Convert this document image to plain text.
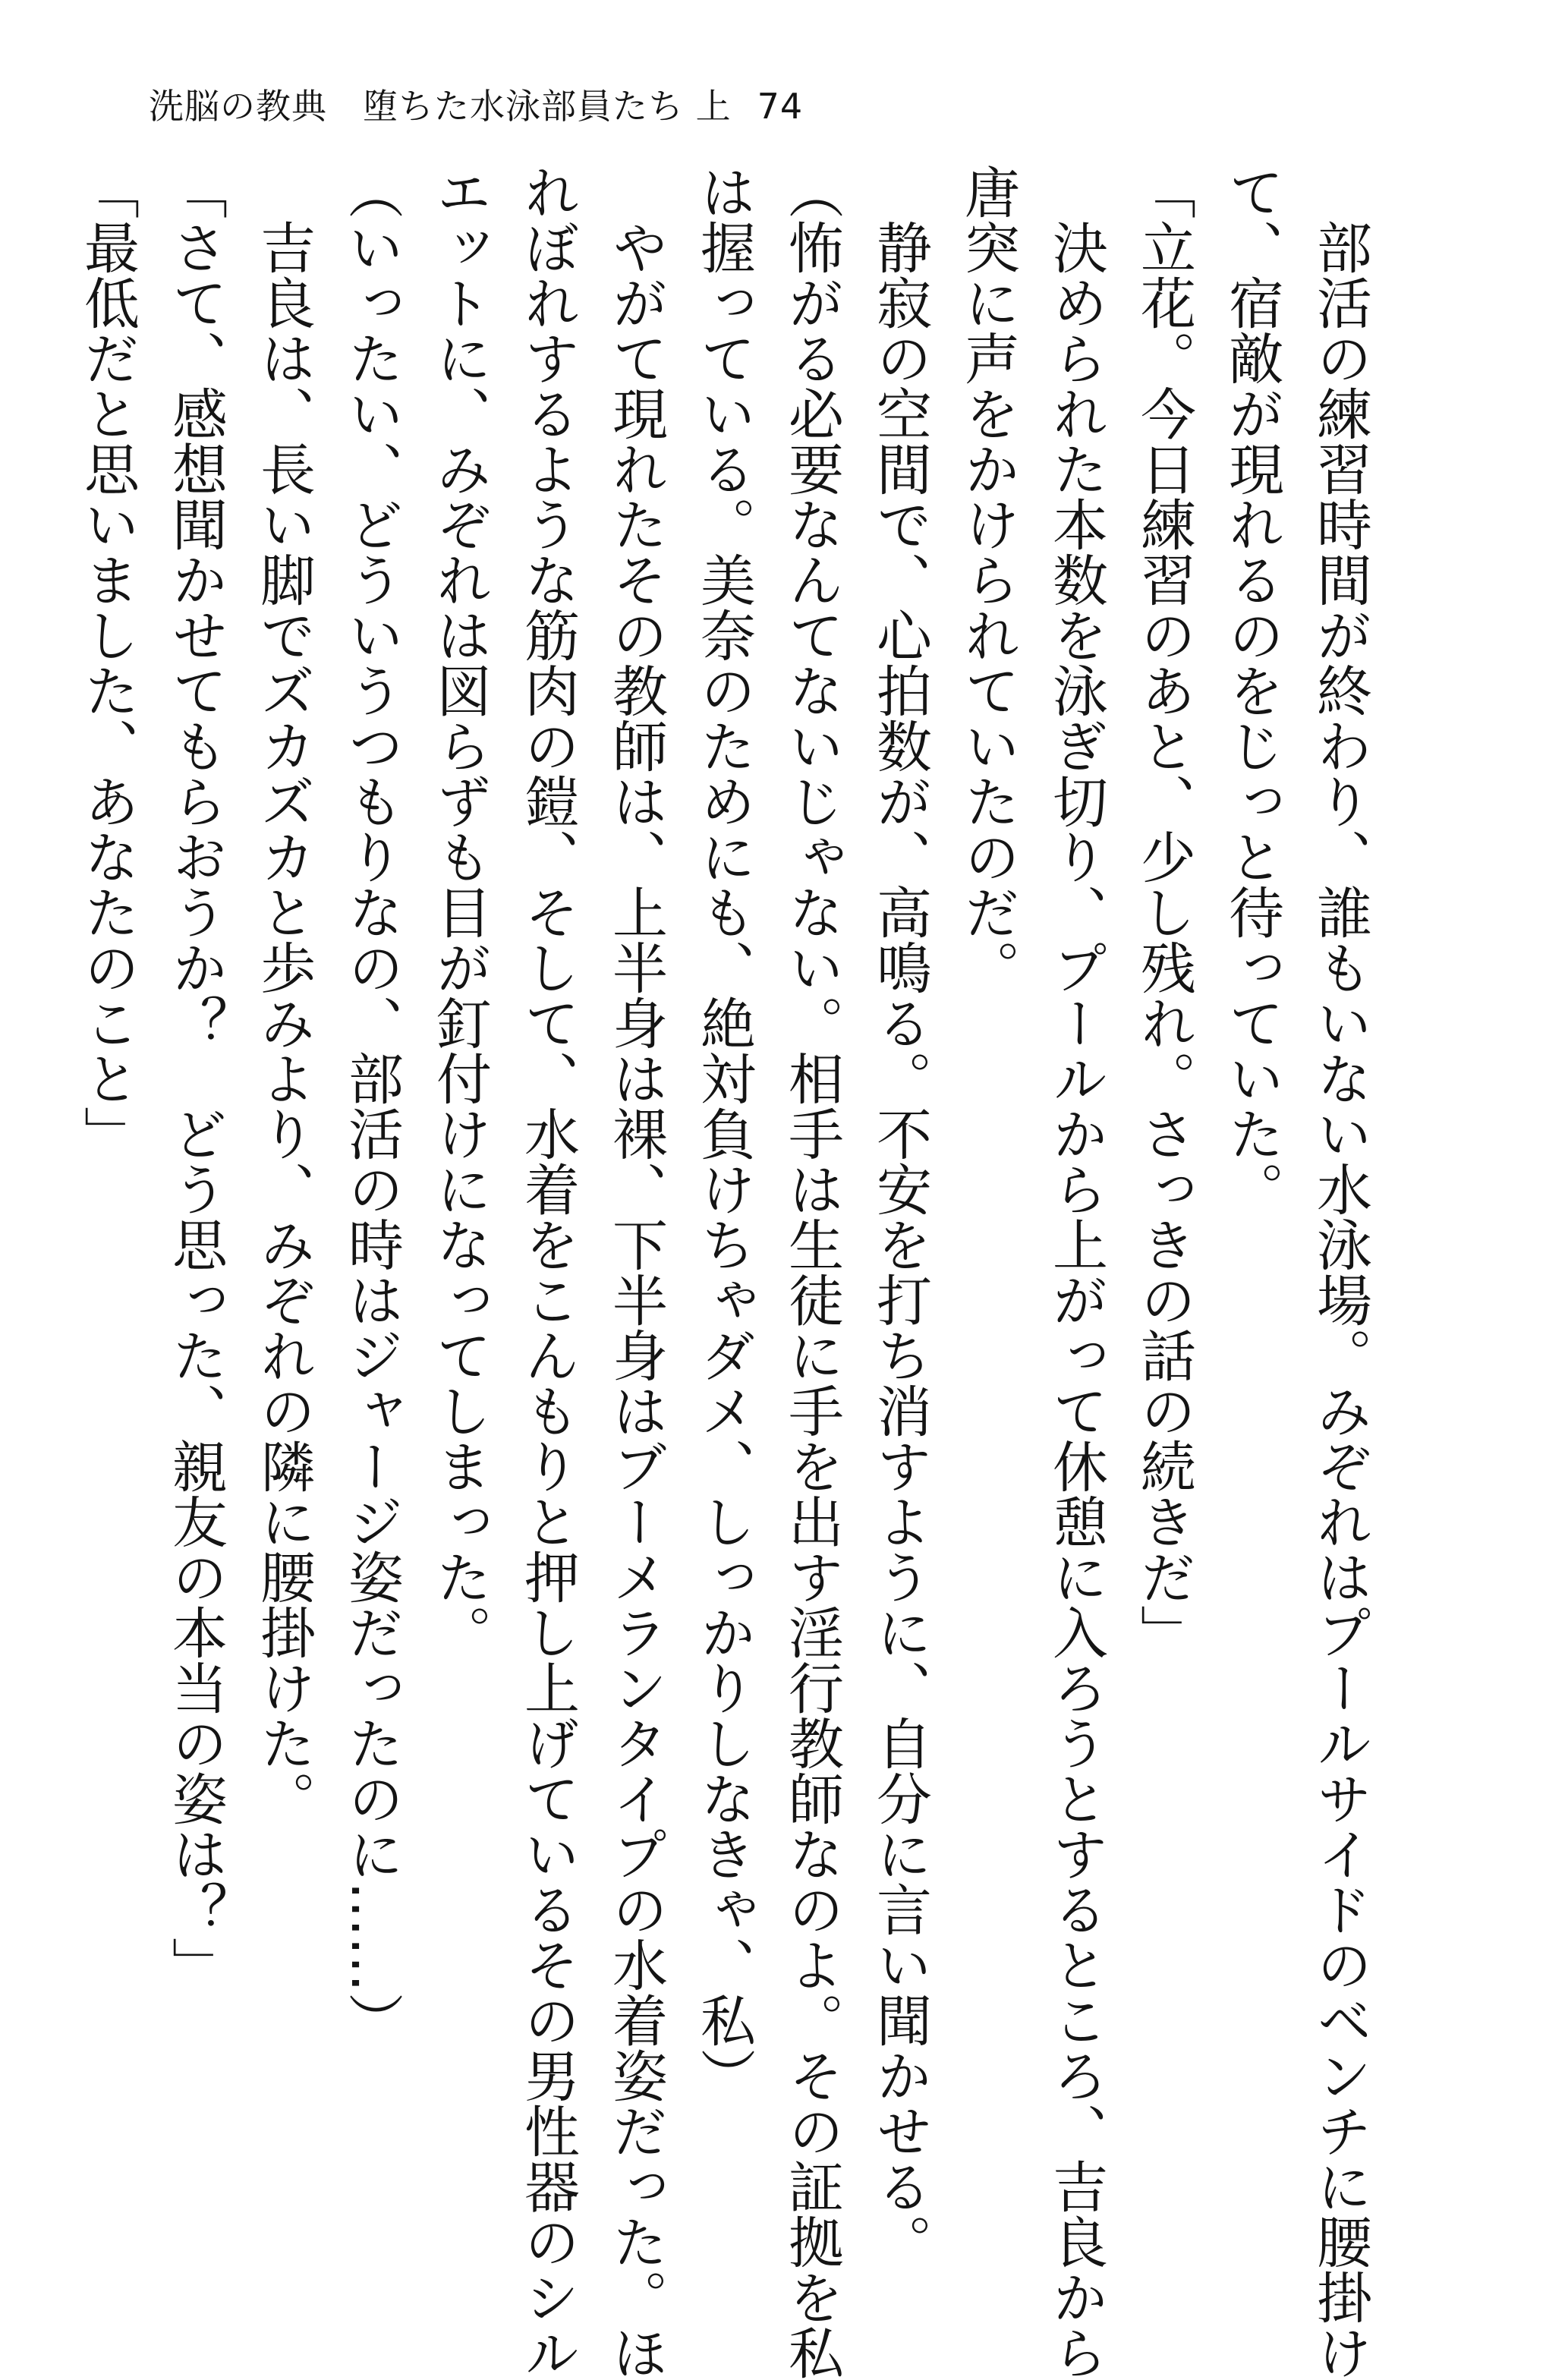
洗脳の教典　堕ちた水泳部員たち 上 74

部活の練習時間が終わり、誰もいない水泳場。みぞれはプールサイドのベンチに腰掛け

て、宿敵が現れるのをじっと待っていた。

「立花。今日練習のあと、少し残れ。さっきの話の続きだ」

決められた本数を泳ぎ切り、プールから上がって休憩に入ろうとするところ、吉良から

唐突に声をかけられていたのだ。

静寂の空間で、心拍数が、高鳴る。不安を打ち消すように、自分に言い聞かせる。

（怖がる必要なんてないじゃない。相手は生徒に手を出す淫行教師なのよ。その証拠を私

は握っている。美奈のためにも、絶対負けちゃダメ、しっかりしなきゃ、私）

やがて現れたその教師は、上半身は裸、下半身はブーメランタイプの水着姿だった。ほ

れぼれするような筋肉の鎧、そして、水着をこんもりと押し上げているその男性器のシル

エットに、みぞれは図らずも目が釘付けになってしまった。

（いったい、どういうつもりなの、部活の時はジャージ姿だったのに……）

吉良は、長い脚でズカズカと歩みより、みぞれの隣に腰掛けた。

「さて、感想聞かせてもらおうか？　どう思った、親友の本当の姿は？」

「最低だと思いました、あなたのこと」
